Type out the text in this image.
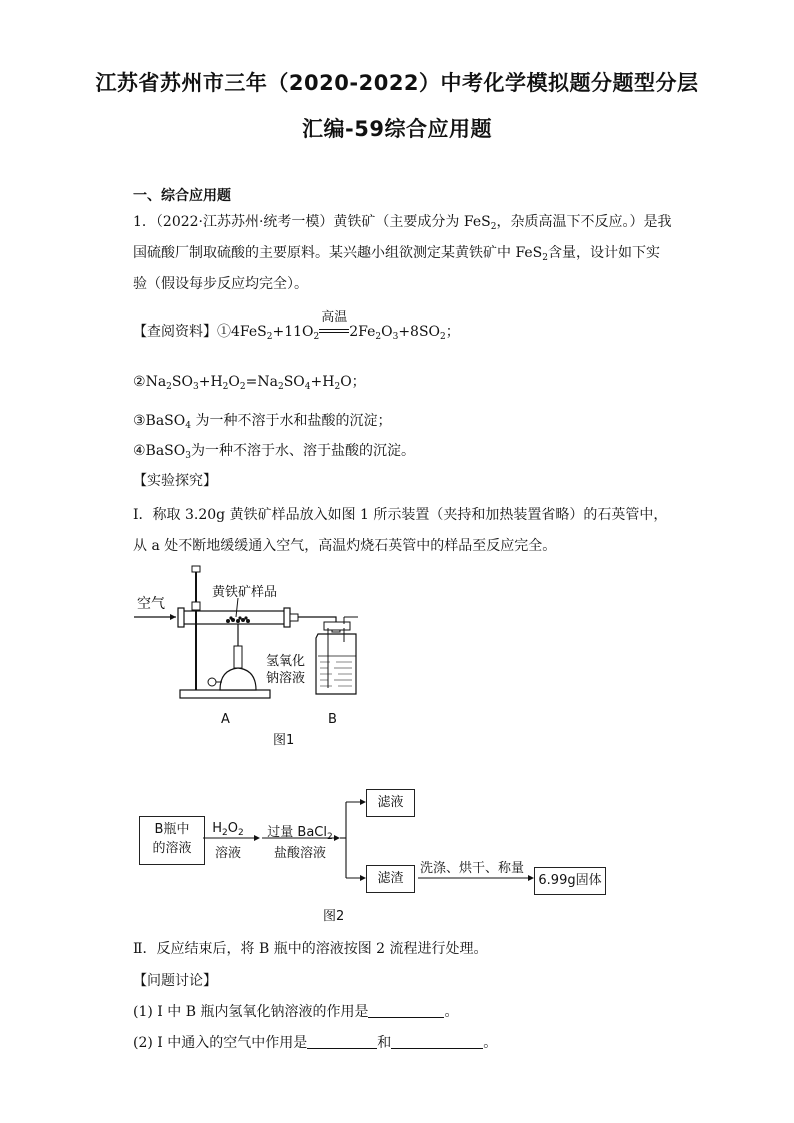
江苏省苏州市三年（2020-2022）中考化学模拟题分题型分层
汇编-59综合应用题
一、综合应用题
1．（2022·江苏苏州·统考一模）黄铁矿（主要成分为 FeS$_2$，杂质高温下不反应。）是我
国硫酸厂制取硫酸的主要原料。某兴趣小组欲测定某黄铁矿中 FeS$_2$含量，设计如下实
验（假设每步反应均完全）。
【查阅资料】$①4FeS_2+11O_2$
高温
$2Fe_2O_3+8SO_2$；
$②Na_2SO_3+H_2O_2=Na_2SO_4+H_2O$；
③BaSO$_4$ 为一种不溶于水和盐酸的沉淀；
④BaSO$_3$为一种不溶于水、溶于盐酸的沉淀。
【实验探究】
Ⅰ．称取 3.20g 黄铁矿样品放入如图 1 所示装置（夹持和加热装置省略）的石英管中，
从 a 处不断地缓缓通入空气，高温灼烧石英管中的样品至反应完全。
空气
黄铁矿样品
氢氧化
钠溶液
A	B
图1
B瓶中
的溶液
$H_2O_2$
溶液
过量 BaCl$_2$
盐酸溶液
滤液
滤渣
洗涤、烘干、称量
6.99g固体
图2
Ⅱ．反应结束后，将 B 瓶中的溶液按图 2 流程进行处理。
【问题讨论】
(1) I 中 B 瓶内氢氧化钠溶液的作用是	。
(2) I 中通入的空气中作用是	和	。
